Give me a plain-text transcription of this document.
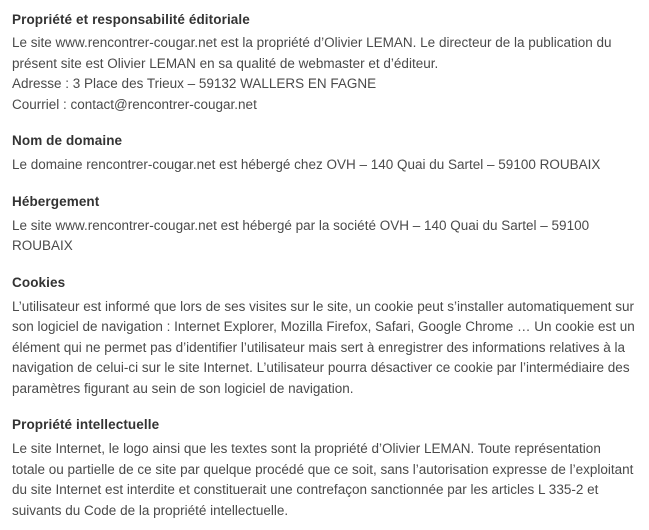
Propriété et responsabilité éditoriale

Le site www.rencontrer-cougar.net est la propriété d’Olivier LEMAN. Le directeur de la publication du présent site est Olivier LEMAN en sa qualité de webmaster et d’éditeur.

Adresse : 3 Place des Trieux – 59132 WALLERS EN FAGNE

Courriel : contact@rencontrer-cougar.net

Nom de domaine

Le domaine rencontrer-cougar.net est hébergé chez OVH – 140 Quai du Sartel – 59100 ROUBAIX

Hébergement

Le site www.rencontrer-cougar.net est hébergé par la société OVH – 140 Quai du Sartel – 59100 ROUBAIX

Cookies

L’utilisateur est informé que lors de ses visites sur le site, un cookie peut s’installer automatiquement sur son logiciel de navigation : Internet Explorer, Mozilla Firefox, Safari, Google Chrome … Un cookie est un élément qui ne permet pas d’identifier l’utilisateur mais sert à enregistrer des informations relatives à la navigation de celui-ci sur le site Internet. L’utilisateur pourra désactiver ce cookie par l’intermédiaire des paramètres figurant au sein de son logiciel de navigation.

Propriété intellectuelle

Le site Internet, le logo ainsi que les textes sont la propriété d’Olivier LEMAN. Toute représentation totale ou partielle de ce site par quelque procédé que ce soit, sans l’autorisation expresse de l’exploitant du site Internet est interdite et constituerait une contrefaçon sanctionnée par les articles L 335-2 et suivants du Code de la propriété intellectuelle.
